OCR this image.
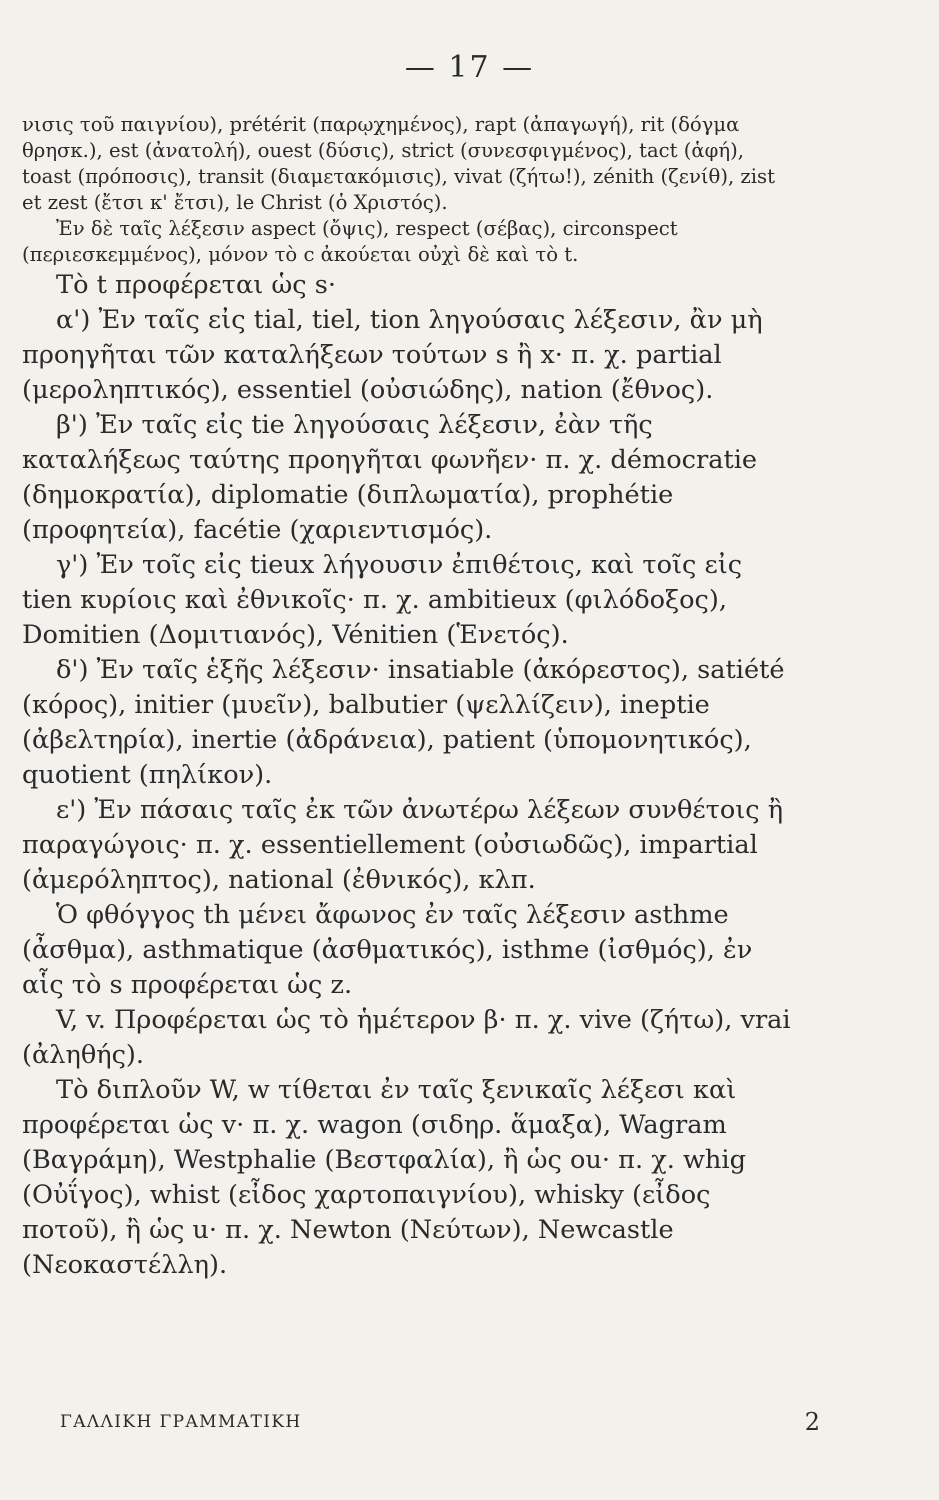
— 17 —

νισις τοῦ παιγνίου), prétérit (παρῳχημένος), rapt (ἀπαγωγή), rit (δόγμα θρησκ.), est (ἀνατολή), ouest (δύσις), strict (συνεσφιγμένος), tact (ἁφή), toast (πρόποσις), transit (διαμετακόμισις), vivat (ζήτω!), zénith (ζενίθ), zist et zest (ἔτσι κ' ἔτσι), le Christ (ὁ Χριστός).

Ἐν δὲ ταῖς λέξεσιν aspect (ὄψις), respect (σέβας), circonspect (περιεσκεμμένος), μόνον τὸ c ἀκούεται οὐχὶ δὲ καὶ τὸ t.

Τὸ t προφέρεται ὡς s·

α') Ἐν ταῖς εἰς tial, tiel, tion ληγούσαις λέξεσιν, ἂν μὴ προηγῆται τῶν καταλήξεων τούτων s ἢ x· π. χ. partial (μερoληπτικός), essentiel (οὐσιώδης), nation (ἔθνος).

β') Ἐν ταῖς εἰς tie ληγούσαις λέξεσιν, ἐὰν τῆς καταλήξεως ταύτης προηγῆται φωνῆεν· π. χ. démocratie (δημοκρατία), diplomatie (διπλωματία), prophétie (προφητεία), facétie (χαριεντισμός).

γ') Ἐν τοῖς εἰς tieux λήγουσιν ἐπιθέτοις, καὶ τοῖς εἰς tien κυρίοις καὶ ἐθνικοῖς· π. χ. ambitieux (φιλόδοξος), Domitien (Δομιτιανός), Vénitien (Ἑνετός).

δ') Ἐν ταῖς ἑξῆς λέξεσιν· insatiable (ἀκόρεστος), satiété (κόρος), initier (μυεῖν), balbutier (ψελλίζειν), ineptie (ἀβελτηρία), inertie (ἀδράνεια), patient (ὑπομονητικός), quotient (πηλίκον).

ε') Ἐν πάσαις ταῖς ἐκ τῶν ἀνωτέρω λέξεων συνθέτοις ἢ παραγώγοις· π. χ. essentiellement (οὐσιωδῶς), impartial (ἀμερόληπτος), national (ἐθνικός), κλπ.

Ὁ φθόγγος th μένει ἄφωνος ἐν ταῖς λέξεσιν asthme (ἆσθμα), asthmatique (ἀσθματικός), isthme (ἰσθμός), ἐν αἷς τὸ s προφέρεται ὡς z.

V, v. Προφέρεται ὡς τὸ ἡμέτερον β· π. χ. vive (ζήτω), vrai (ἀληθής).

Τὸ διπλοῦν W, w τίθεται ἐν ταῖς ξενικαῖς λέξεσι καὶ προφέρεται ὡς v· π. χ. wagon (σιδηρ. ἅμαξα), Wagram (Βαγράμη), Westphalie (Βεστφαλία), ἢ ὡς ou· π. χ. whig (Οὐΐγος), whist (εἶδος χαρτοπαιγνίου), whisky (εἶδος ποτοῦ), ἢ ὡς u· π. χ. Newton (Νεύτων), Newcastle (Νεοκαστέλλη).

ΓΑΛΛΙΚΗ ΓΡΑΜΜΑΤΙΚΗ	2
